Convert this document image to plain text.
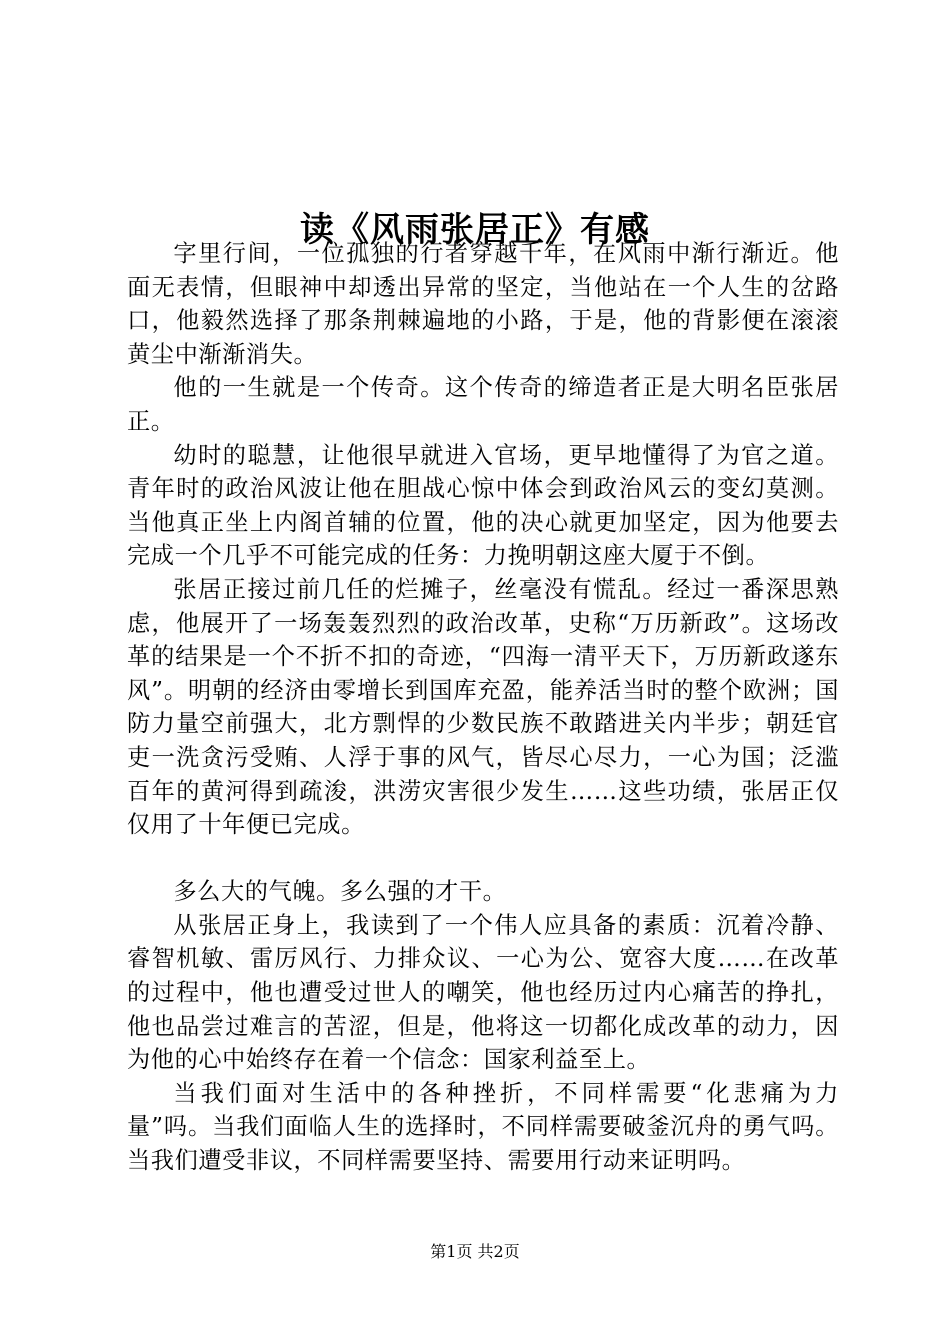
读《风雨张居正》有感

字里行间，一位孤独的行者穿越千年，在风雨中渐行渐近。他面无表情，但眼神中却透出异常的坚定，当他站在一个人生的岔路口，他毅然选择了那条荆棘遍地的小路，于是，他的背影便在滚滚黄尘中渐渐消失。

他的一生就是一个传奇。这个传奇的缔造者正是大明名臣张居正。

幼时的聪慧，让他很早就进入官场，更早地懂得了为官之道。青年时的政治风波让他在胆战心惊中体会到政治风云的变幻莫测。当他真正坐上内阁首辅的位置，他的决心就更加坚定，因为他要去完成一个几乎不可能完成的任务：力挽明朝这座大厦于不倒。

张居正接过前几任的烂摊子，丝毫没有慌乱。经过一番深思熟虑，他展开了一场轰轰烈烈的政治改革，史称“万历新政”。这场改革的结果是一个不折不扣的奇迹，“四海一清平天下，万历新政遂东风”。明朝的经济由零增长到国库充盈，能养活当时的整个欧洲；国防力量空前强大，北方剽悍的少数民族不敢踏进关内半步；朝廷官吏一洗贪污受贿、人浮于事的风气，皆尽心尽力，一心为国；泛滥百年的黄河得到疏浚，洪涝灾害很少发生……这些功绩，张居正仅仅用了十年便已完成。

多么大的气魄。多么强的才干。

从张居正身上，我读到了一个伟人应具备的素质：沉着冷静、睿智机敏、雷厉风行、力排众议、一心为公、宽容大度……在改革的过程中，他也遭受过世人的嘲笑，他也经历过内心痛苦的挣扎，他也品尝过难言的苦涩，但是，他将这一切都化成改革的动力，因为他的心中始终存在着一个信念：国家利益至上。

当我们面对生活中的各种挫折，不同样需要“化悲痛为力量”吗。当我们面临人生的选择时，不同样需要破釜沉舟的勇气吗。当我们遭受非议，不同样需要坚持、需要用行动来证明吗。

第1页 共2页
